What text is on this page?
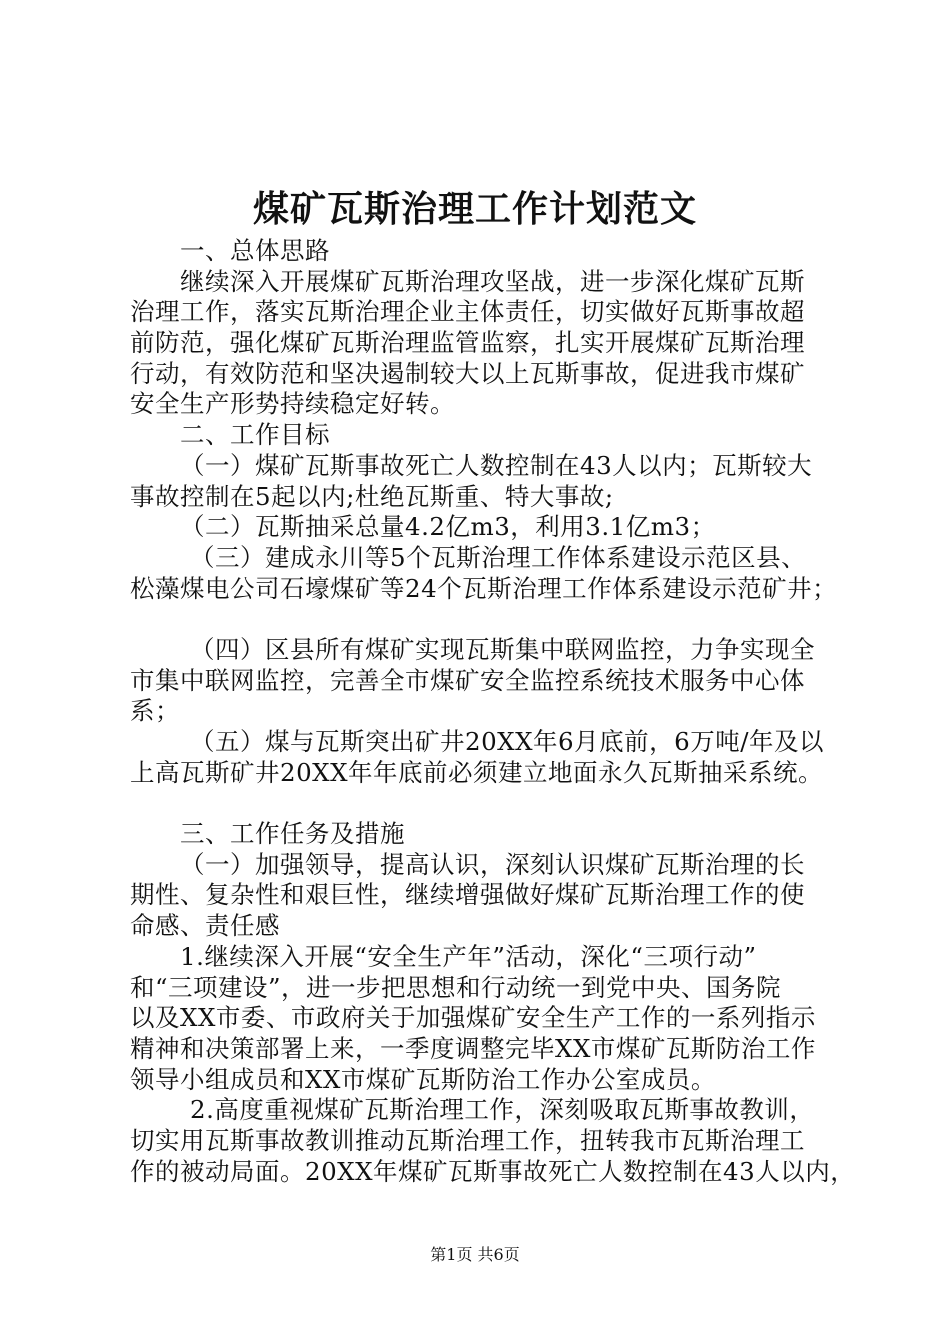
煤矿瓦斯治理工作计划范文
一、总体思路
继续深入开展煤矿瓦斯治理攻坚战，进一步深化煤矿瓦斯
治理工作，落实瓦斯治理企业主体责任，切实做好瓦斯事故超
前防范，强化煤矿瓦斯治理监管监察，扎实开展煤矿瓦斯治理
行动，有效防范和坚决遏制较大以上瓦斯事故，促进我市煤矿
安全生产形势持续稳定好转。
二、工作目标
（一）煤矿瓦斯事故死亡人数控制在43人以内；瓦斯较大
事故控制在5起以内;杜绝瓦斯重、特大事故;
（二）瓦斯抽采总量4.2亿m3，利用3.1亿m3；
（三）建成永川等5个瓦斯治理工作体系建设示范区县、
松藻煤电公司石壕煤矿等24个瓦斯治理工作体系建设示范矿井；
（四）区县所有煤矿实现瓦斯集中联网监控，力争实现全
市集中联网监控，完善全市煤矿安全监控系统技术服务中心体
系；
（五）煤与瓦斯突出矿井20XX年6月底前，6万吨/年及以
上高瓦斯矿井20XX年年底前必须建立地面永久瓦斯抽采系统。
三、工作任务及措施
（一）加强领导，提高认识，深刻认识煤矿瓦斯治理的长
期性、复杂性和艰巨性，继续增强做好煤矿瓦斯治理工作的使
命感、责任感
1.继续深入开展“安全生产年”活动，深化“三项行动”
和“三项建设”，进一步把思想和行动统一到党中央、国务院
以及XX市委、市政府关于加强煤矿安全生产工作的一系列指示
精神和决策部署上来，一季度调整完毕XX市煤矿瓦斯防治工作
领导小组成员和XX市煤矿瓦斯防治工作办公室成员。
2.高度重视煤矿瓦斯治理工作，深刻吸取瓦斯事故教训，
切实用瓦斯事故教训推动瓦斯治理工作，扭转我市瓦斯治理工
作的被动局面。20XX年煤矿瓦斯事故死亡人数控制在43人以内，
第1页 共6页
